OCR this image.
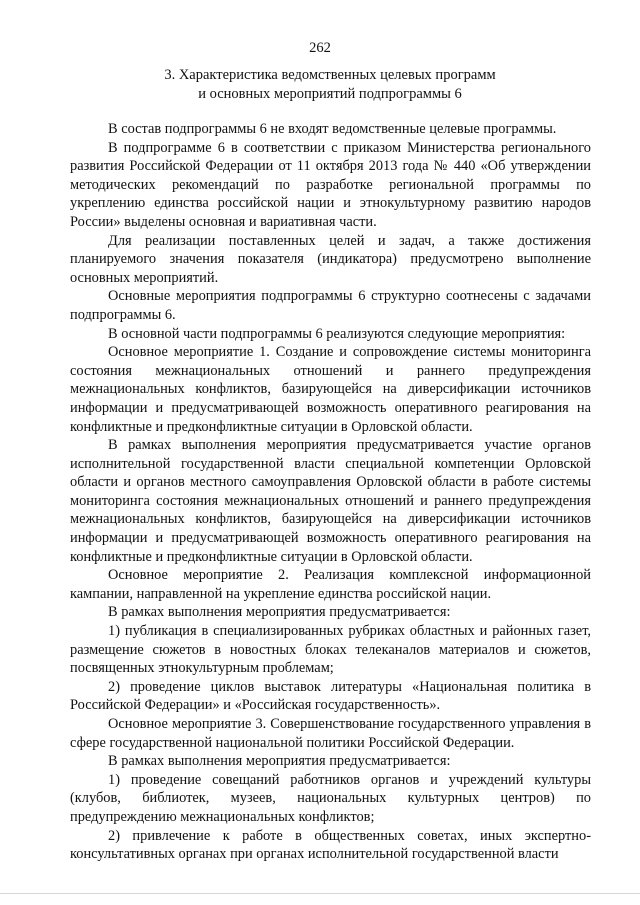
262
3. Характеристика ведомственных целевых программ
и основных мероприятий подпрограммы 6

В состав подпрограммы 6 не входят ведомственные целевые программы.

В подпрограмме 6 в соответствии с приказом Министерства регионального развития Российской Федерации от 11 октября 2013 года № 440 «Об утверждении методических рекомендаций по разработке региональной программы по укреплению единства российской нации и этнокультурному развитию народов России» выделены основная и вариативная части.

Для реализации поставленных целей и задач, а также достижения планируемого значения показателя (индикатора) предусмотрено выполнение основных мероприятий.

Основные мероприятия подпрограммы 6 структурно соотнесены с задачами подпрограммы 6.

В основной части подпрограммы 6 реализуются следующие мероприятия:

Основное мероприятие 1. Создание и сопровождение системы мониторинга состояния межнациональных отношений и раннего предупреждения межнациональных конфликтов, базирующейся на диверсификации источников информации и предусматривающей возможность оперативного реагирования на конфликтные и предконфликтные ситуации в Орловской области.

В рамках выполнения мероприятия предусматривается участие органов исполнительной государственной власти специальной компетенции Орловской области и органов местного самоуправления Орловской области в работе системы мониторинга состояния межнациональных отношений и раннего предупреждения межнациональных конфликтов, базирующейся на диверсификации источников информации и предусматривающей возможность оперативного реагирования на конфликтные и предконфликтные ситуации в Орловской области.

Основное мероприятие 2. Реализация комплексной информационной кампании, направленной на укрепление единства российской нации.

В рамках выполнения мероприятия предусматривается:

1) публикация в специализированных рубриках областных и районных газет, размещение сюжетов в новостных блоках телеканалов материалов и сюжетов, посвященных этнокультурным проблемам;

2) проведение циклов выставок литературы «Национальная политика в Российской Федерации» и «Российская государственность».

Основное мероприятие 3. Совершенствование государственного управления в сфере государственной национальной политики Российской Федерации.

В рамках выполнения мероприятия предусматривается:

1) проведение совещаний работников органов и учреждений культуры (клубов, библиотек, музеев, национальных культурных центров) по предупреждению межнациональных конфликтов;

2) привлечение к работе в общественных советах, иных экспертно-консультативных органах при органах исполнительной государственной власти
